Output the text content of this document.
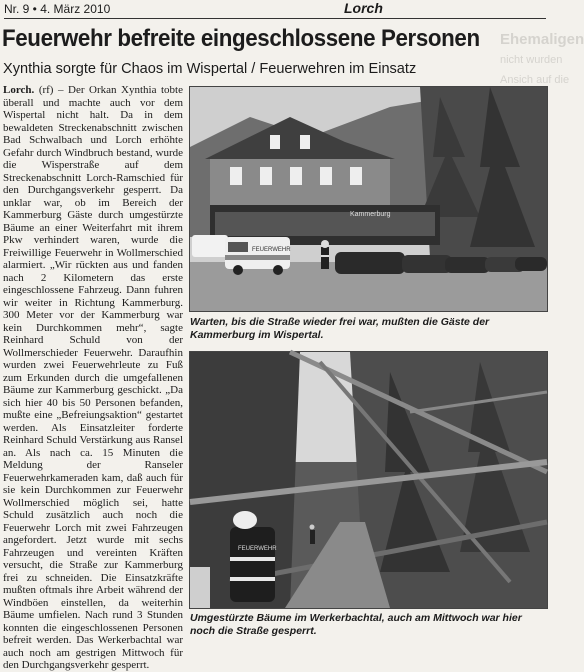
Ehemaligen
nicht wurden
Ansich auf die
Nr. 9 • 4. März 2010	Lorch
Feuerwehr befreite eingeschlossene Personen
Xynthia sorgte für Chaos im Wispertal / Feuerwehren im Einsatz
Lorch. (rf) – Der Orkan Xynthia tobte überall und machte auch vor dem Wispertal nicht halt. Da in dem bewaldeten Streckenabschnitt zwischen Bad Schwalbach und Lorch erhöhte Gefahr durch Windbruch bestand, wurde die Wisperstraße auf dem Streckenabschnitt Lorch-Ramschied für den Durchgangsverkehr gesperrt. Da unklar war, ob im Bereich der Kammerburg Gäste durch umgestürzte Bäume an einer Weiterfahrt mit ihrem Pkw verhindert waren, wurde die Freiwillige Feuerwehr in Wollmerschied alarmiert. „Wir rückten aus und fanden nach 2 Kilometern das erste eingeschlossene Fahrzeug. Dann fuhren wir weiter in Richtung Kammerburg. 300 Meter vor der Kammerburg war kein Durchkommen mehr“, sagte Reinhard Schuld von der Wollmerschieder Feuerwehr. Daraufhin wurden zwei Feuerwehrleute zu Fuß zum Erkunden durch die umgefallenen Bäume zur Kammerburg geschickt. „Da sich hier 40 bis 50 Personen befanden, mußte eine „Befreiungsaktion“ gestartet werden. Als Einsatzleiter forderte Reinhard Schuld Verstärkung aus Ransel an. Als nach ca. 15 Minuten die Meldung der Ranseler Feuerwehrkameraden kam, daß auch für sie kein Durchkommen zur Feuerwehr Wollmerschied möglich sei, hatte Schuld zusätzlich auch noch die Feuerwehr Lorch mit zwei Fahrzeugen angefordert. Jetzt wurde mit sechs Fahrzeugen und vereinten Kräften versucht, die Straße zur Kammerburg frei zu schneiden. Die Einsatzkräfte mußten oftmals ihre Arbeit während der Windböen einstellen, da weiterhin Bäume umfielen. Nach rund 3 Stunden konnten die eingeschlossenen Personen befreit werden. Das Werkerbachtal war auch noch am gestrigen Mittwoch für den Durchgangsverkehr gesperrt.
Kammerburg
FEUERWEHR
Warten, bis die Straße wieder frei war, mußten die Gäste der Kammerburg im Wispertal.
FEUERWEHR
Umgestürzte Bäume im Werkerbachtal, auch am Mittwoch war hier noch die Straße gesperrt.
